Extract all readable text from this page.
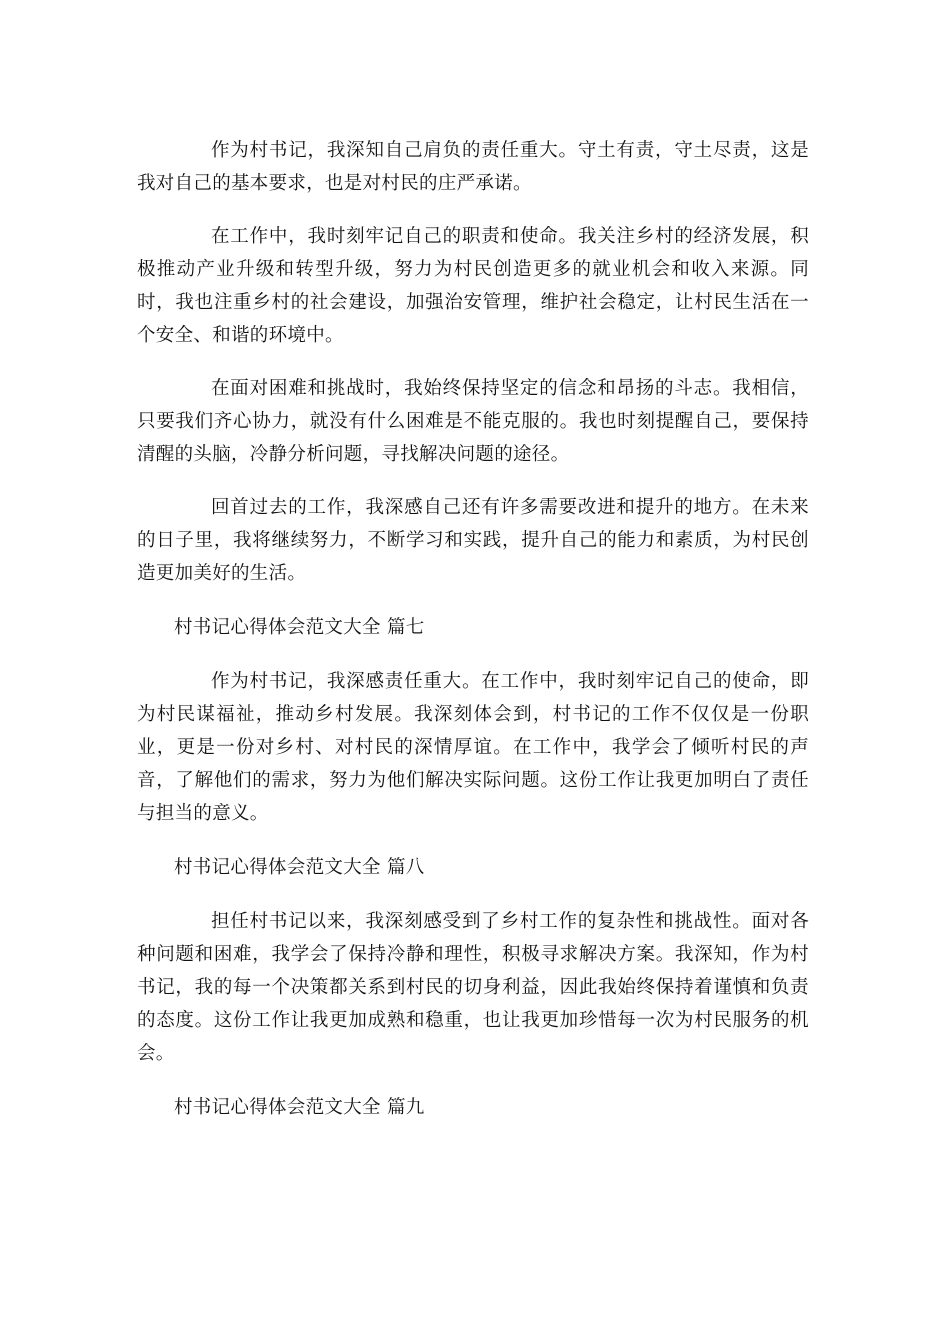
作为村书记，我深知自己肩负的责任重大。守土有责，守土尽责，这是我对自己的基本要求，也是对村民的庄严承诺。

在工作中，我时刻牢记自己的职责和使命。我关注乡村的经济发展，积极推动产业升级和转型升级，努力为村民创造更多的就业机会和收入来源。同时，我也注重乡村的社会建设，加强治安管理，维护社会稳定，让村民生活在一个安全、和谐的环境中。

在面对困难和挑战时，我始终保持坚定的信念和昂扬的斗志。我相信，只要我们齐心协力，就没有什么困难是不能克服的。我也时刻提醒自己，要保持清醒的头脑，冷静分析问题，寻找解决问题的途径。

回首过去的工作，我深感自己还有许多需要改进和提升的地方。在未来的日子里，我将继续努力，不断学习和实践，提升自己的能力和素质，为村民创造更加美好的生活。

村书记心得体会范文大全 篇七

作为村书记，我深感责任重大。在工作中，我时刻牢记自己的使命，即为村民谋福祉，推动乡村发展。我深刻体会到，村书记的工作不仅仅是一份职业，更是一份对乡村、对村民的深情厚谊。在工作中，我学会了倾听村民的声音，了解他们的需求，努力为他们解决实际问题。这份工作让我更加明白了责任与担当的意义。

村书记心得体会范文大全 篇八

担任村书记以来，我深刻感受到了乡村工作的复杂性和挑战性。面对各种问题和困难，我学会了保持冷静和理性，积极寻求解决方案。我深知，作为村书记，我的每一个决策都关系到村民的切身利益，因此我始终保持着谨慎和负责的态度。这份工作让我更加成熟和稳重，也让我更加珍惜每一次为村民服务的机会。

村书记心得体会范文大全 篇九
